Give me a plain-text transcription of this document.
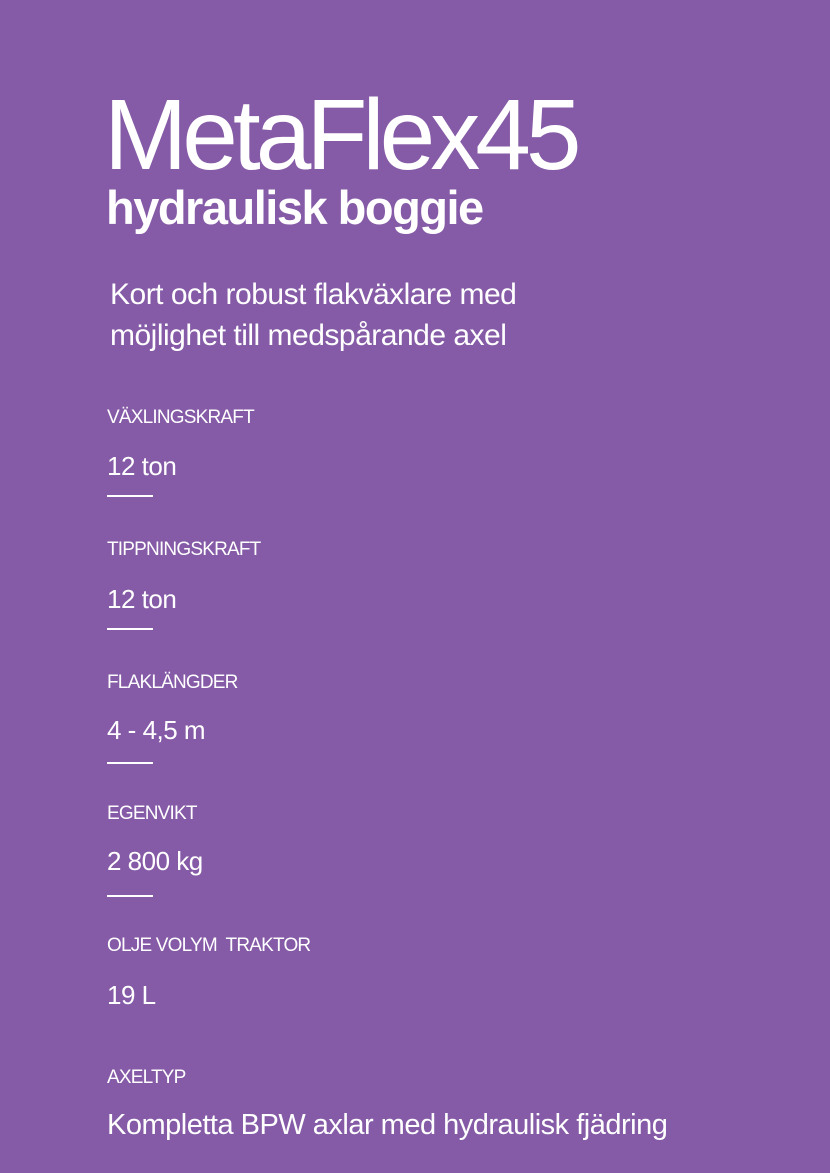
MetaFlex45
hydraulisk boggie

Kort och robust flakväxlare med
möjlighet till medspårande axel

VÄXLINGSKRAFT
12 ton
TIPPNINGSKRAFT
12 ton
FLAKLÄNGDER
4 - 4,5 m
EGENVIKT
2 800 kg
OLJE VOLYM  TRAKTOR
19 L
AXELTYP
Kompletta BPW axlar med hydraulisk fjädring
